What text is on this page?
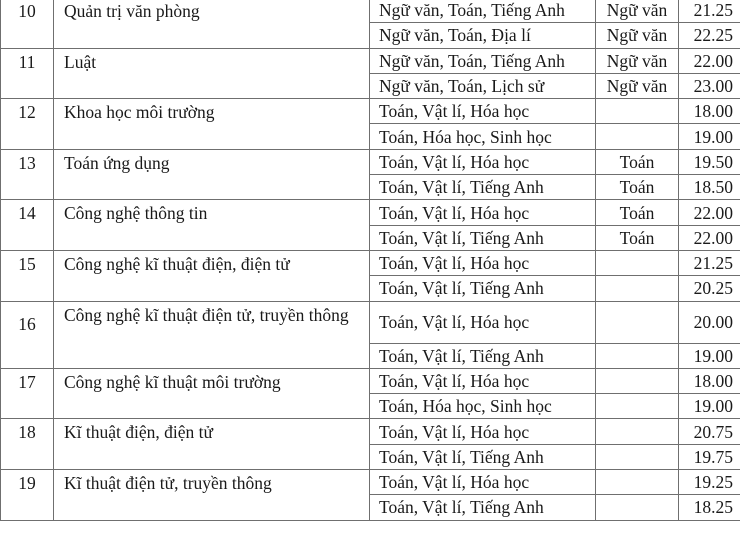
10	Quản trị văn phòng	Ngữ văn, Toán, Tiếng Anh	Ngữ văn	21.25
		Ngữ văn, Toán, Địa lí	Ngữ văn	22.25
11	Luật	Ngữ văn, Toán, Tiếng Anh	Ngữ văn	22.00
		Ngữ văn, Toán, Lịch sử	Ngữ văn	23.00
12	Khoa học môi trường	Toán, Vật lí, Hóa học		18.00
		Toán, Hóa học, Sinh học		19.00
13	Toán ứng dụng	Toán, Vật lí, Hóa học	Toán	19.50
		Toán, Vật lí, Tiếng Anh	Toán	18.50
14	Công nghệ thông tin	Toán, Vật lí, Hóa học	Toán	22.00
		Toán, Vật lí, Tiếng Anh	Toán	22.00
15	Công nghệ kĩ thuật điện, điện tử	Toán, Vật lí, Hóa học		21.25
		Toán, Vật lí, Tiếng Anh		20.25
16	Công nghệ kĩ thuật điện tử, truyền thông	Toán, Vật lí, Hóa học		20.00
		Toán, Vật lí, Tiếng Anh		19.00
17	Công nghệ kĩ thuật môi trường	Toán, Vật lí, Hóa học		18.00
		Toán, Hóa học, Sinh học		19.00
18	Kĩ thuật điện, điện tử	Toán, Vật lí, Hóa học		20.75
		Toán, Vật lí, Tiếng Anh		19.75
19	Kĩ thuật điện tử, truyền thông	Toán, Vật lí, Hóa học		19.25
		Toán, Vật lí, Tiếng Anh		18.25
